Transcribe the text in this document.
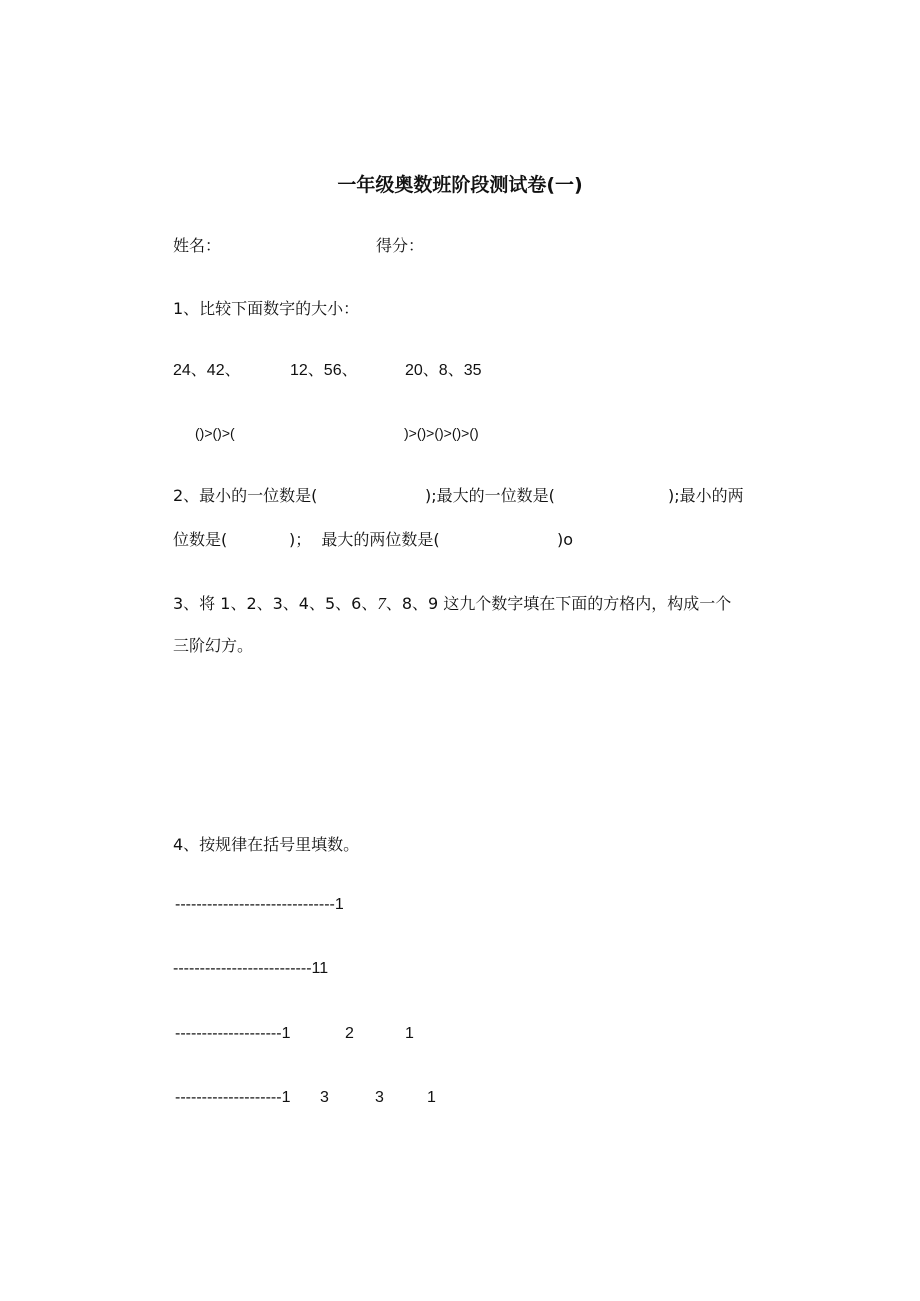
一年级奥数班阶段测试卷(一)
姓名：	得分：
1、比较下面数字的大小：
24、42、	12、56、	20、8、35
()>()>(	)>()>()>()>()
2、最小的一位数是(	);最大的一位数是(	);最小的两
位数是(	)；  最大的两位数是(	)o
3、将 1、2、3、4、5、6、7、8、9 这九个数字填在下面的方格内，构成一个
三阶幻方。
4、按规律在括号里填数。
------------------------------1
--------------------------11
--------------------1	2	1
--------------------1 3	3	1
